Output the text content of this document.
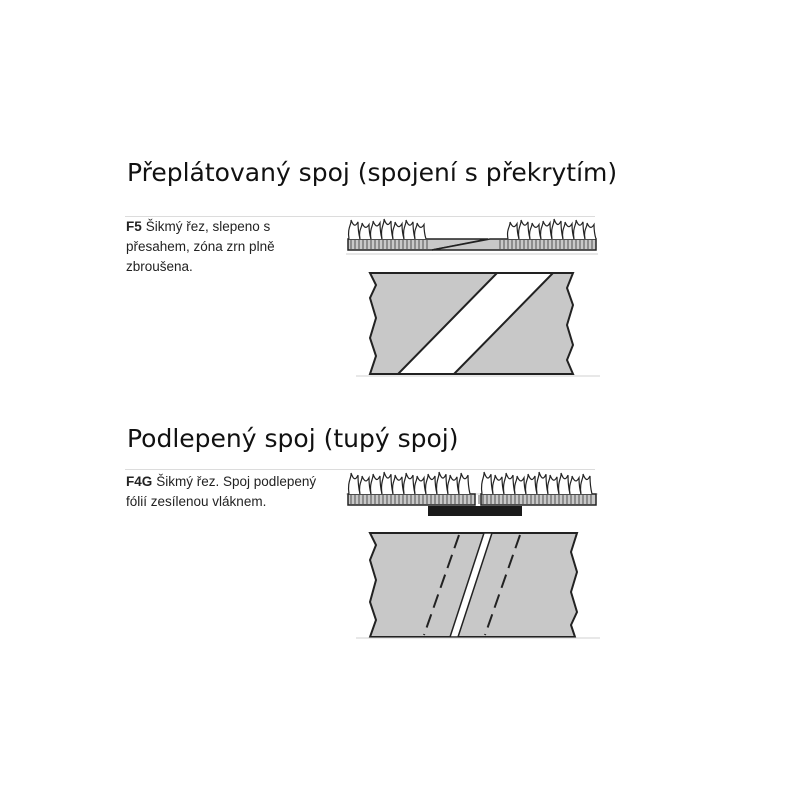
Přeplátovaný spoj (spojení s překrytím)

F5 Šikmý řez, slepeno s přesahem, zóna zrn plně zbroušena.

Podlepený spoj (tupý spoj)

F4G Šikmý řez. Spoj podlepený fólií zesílenou vláknem.
